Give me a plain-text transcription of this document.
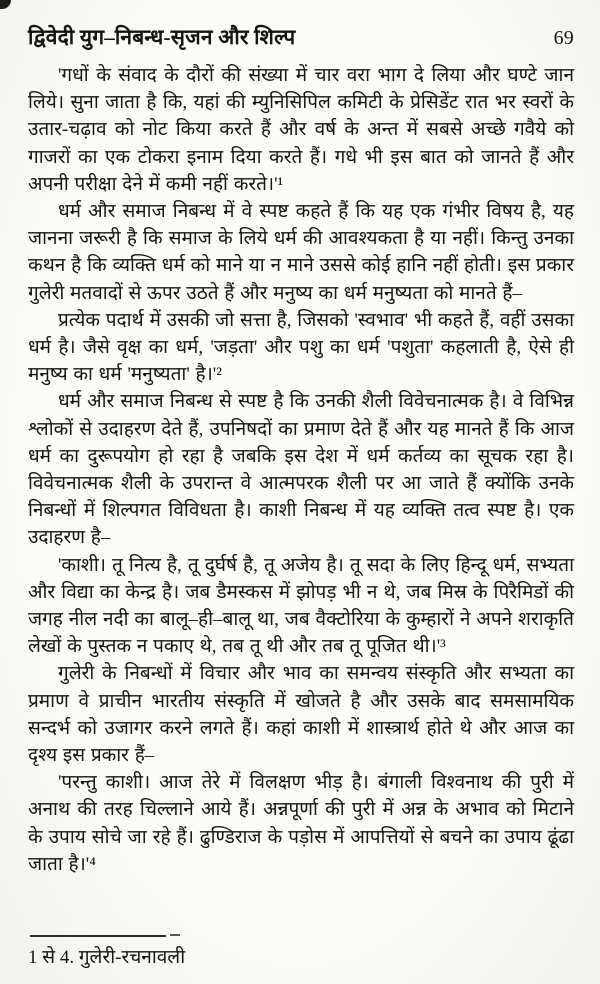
द्विवेदी युग–निबन्ध-सृजन और शिल्प	69

'गधों के संवाद के दौरों की संख्या में चार वरा भाग दे लिया और घण्टे जान लिये। सुना जाता है कि, यहां की म्युनिसिपिल कमिटी के प्रेसिडेंट रात भर स्वरों के उतार-चढ़ाव को नोट किया करते हैं और वर्ष के अन्त में सबसे अच्छे गवैये को गाजरों का एक टोकरा इनाम दिया करते हैं। गधे भी इस बात को जानते हैं और अपनी परीक्षा देने में कमी नहीं करते।'¹

धर्म और समाज निबन्ध में वे स्पष्ट कहते हैं कि यह एक गंभीर विषय है, यह जानना जरूरी है कि समाज के लिये धर्म की आवश्यकता है या नहीं। किन्तु उनका कथन है कि व्यक्ति धर्म को माने या न माने उससे कोई हानि नहीं होती। इस प्रकार गुलेरी मतवादों से ऊपर उठते हैं और मनुष्य का धर्म मनुष्यता को मानते हैं–

प्रत्येक पदार्थ में उसकी जो सत्ता है, जिसको 'स्वभाव' भी कहते हैं, वहीं उसका धर्म है। जैसे वृक्ष का धर्म, 'जड़ता' और पशु का धर्म 'पशुता' कहलाती है, ऐसे ही मनुष्य का धर्म 'मनुष्यता' है।'²

धर्म और समाज निबन्ध से स्पष्ट है कि उनकी शैली विवेचनात्मक है। वे विभिन्न श्लोकों से उदाहरण देते हैं, उपनिषदों का प्रमाण देते हैं और यह मानते हैं कि आज धर्म का दुरूपयोग हो रहा है जबकि इस देश में धर्म कर्तव्य का सूचक रहा है। विवेचनात्मक शैली के उपरान्त वे आत्मपरक शैली पर आ जाते हैं क्योंकि उनके निबन्धों में शिल्पगत विविधता है। काशी निबन्ध में यह व्यक्ति तत्व स्पष्ट है। एक उदाहरण है–

'काशी। तू नित्य है, तू दुर्घर्ष है, तू अजेय है। तू सदा के लिए हिन्दू धर्म, सभ्यता और विद्या का केन्द्र है। जब डैमस्कस में झोपड़ भी न थे, जब मिस्र के पिरैमिडों की जगह नील नदी का बालू–ही–बालू था, जब वैक्टोरिया के कुम्हारों ने अपने शराकृति लेखों के पुस्तक न पकाए थे, तब तू थी और तब तू पूजित थी।'³

गुलेरी के निबन्धों में विचार और भाव का समन्वय संस्कृति और सभ्यता का प्रमाण वे प्राचीन भारतीय संस्कृति में खोजते है और उसके बाद समसामयिक सन्दर्भ को उजागर करने लगते हैं। कहां काशी में शास्त्रार्थ होते थे और आज का दृश्य इस प्रकार हैं–

'परन्तु काशी। आज तेरे में विलक्षण भीड़ है। बंगाली विश्वनाथ की पुरी में अनाथ की तरह चिल्लाने आये हैं। अन्नपूर्णा की पुरी में अन्न के अभाव को मिटाने के उपाय सोचे जा रहे हैं। ढुण्डिराज के पड़ोस में आपत्तियों से बचने का उपाय ढूंढा जाता है।'⁴

1 से 4. गुलेरी-रचनावली
